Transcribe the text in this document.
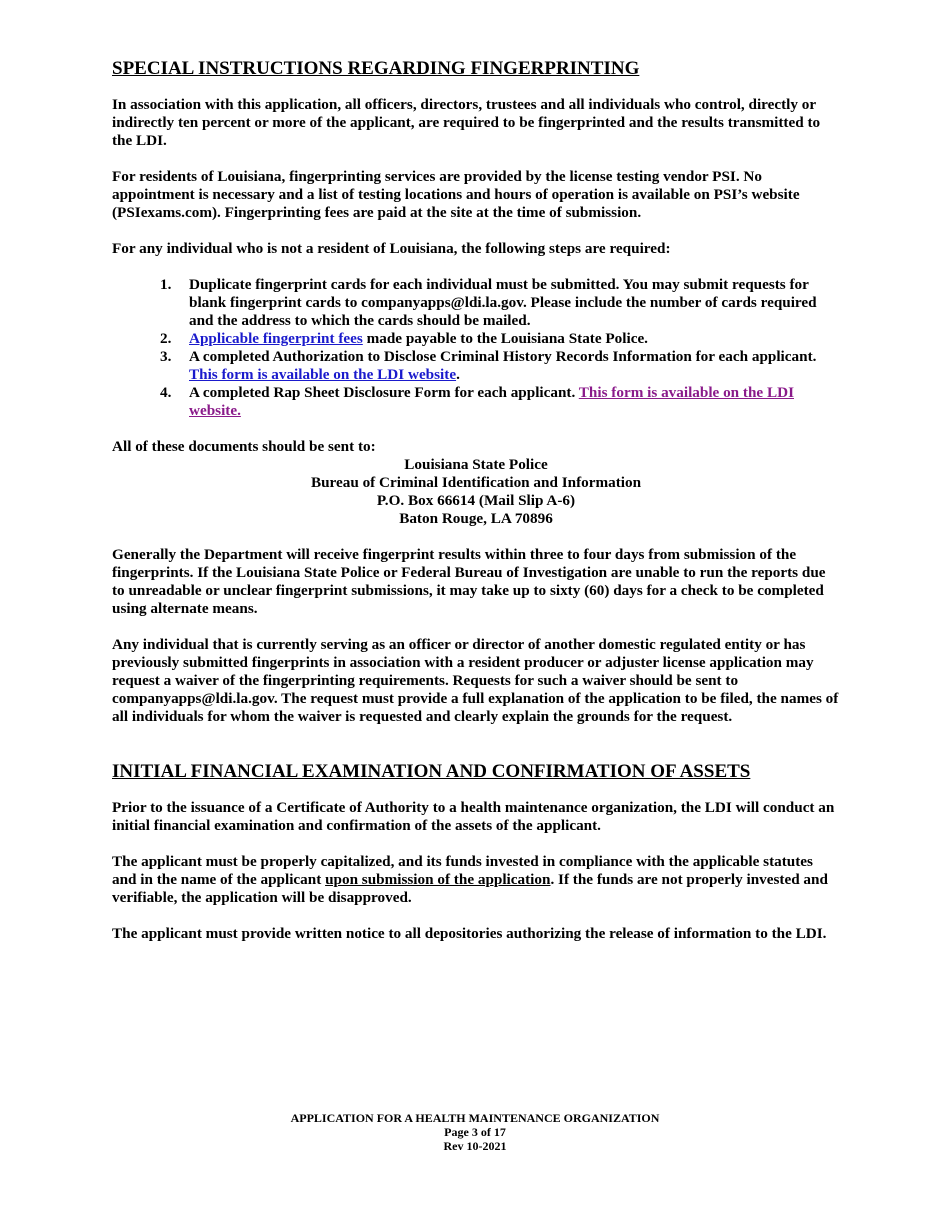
SPECIAL INSTRUCTIONS REGARDING FINGERPRINTING

In association with this application, all officers, directors, trustees and all individuals who control, directly or indirectly ten percent or more of the applicant, are required to be fingerprinted and the results transmitted to the LDI.

For residents of Louisiana, fingerprinting services are provided by the license testing vendor PSI. No appointment is necessary and a list of testing locations and hours of operation is available on PSI’s website (PSIexams.com). Fingerprinting fees are paid at the site at the time of submission.

For any individual who is not a resident of Louisiana, the following steps are required:

1. Duplicate fingerprint cards for each individual must be submitted. You may submit requests for blank fingerprint cards to companyapps@ldi.la.gov. Please include the number of cards required and the address to which the cards should be mailed.
2. Applicable fingerprint fees made payable to the Louisiana State Police.
3. A completed Authorization to Disclose Criminal History Records Information for each applicant. This form is available on the LDI website.
4. A completed Rap Sheet Disclosure Form for each applicant. This form is available on the LDI website.

All of these documents should be sent to:

Louisiana State Police
Bureau of Criminal Identification and Information
P.O. Box 66614 (Mail Slip A-6)
Baton Rouge, LA 70896

Generally the Department will receive fingerprint results within three to four days from submission of the fingerprints. If the Louisiana State Police or Federal Bureau of Investigation are unable to run the reports due to unreadable or unclear fingerprint submissions, it may take up to sixty (60) days for a check to be completed using alternate means.

Any individual that is currently serving as an officer or director of another domestic regulated entity or has previously submitted fingerprints in association with a resident producer or adjuster license application may request a waiver of the fingerprinting requirements. Requests for such a waiver should be sent to companyapps@ldi.la.gov. The request must provide a full explanation of the application to be filed, the names of all individuals for whom the waiver is requested and clearly explain the grounds for the request.

INITIAL FINANCIAL EXAMINATION AND CONFIRMATION OF ASSETS

Prior to the issuance of a Certificate of Authority to a health maintenance organization, the LDI will conduct an initial financial examination and confirmation of the assets of the applicant.

The applicant must be properly capitalized, and its funds invested in compliance with the applicable statutes and in the name of the applicant upon submission of the application. If the funds are not properly invested and verifiable, the application will be disapproved.

The applicant must provide written notice to all depositories authorizing the release of information to the LDI.

APPLICATION FOR A HEALTH MAINTENANCE ORGANIZATION
Page 3 of 17
Rev 10-2021
